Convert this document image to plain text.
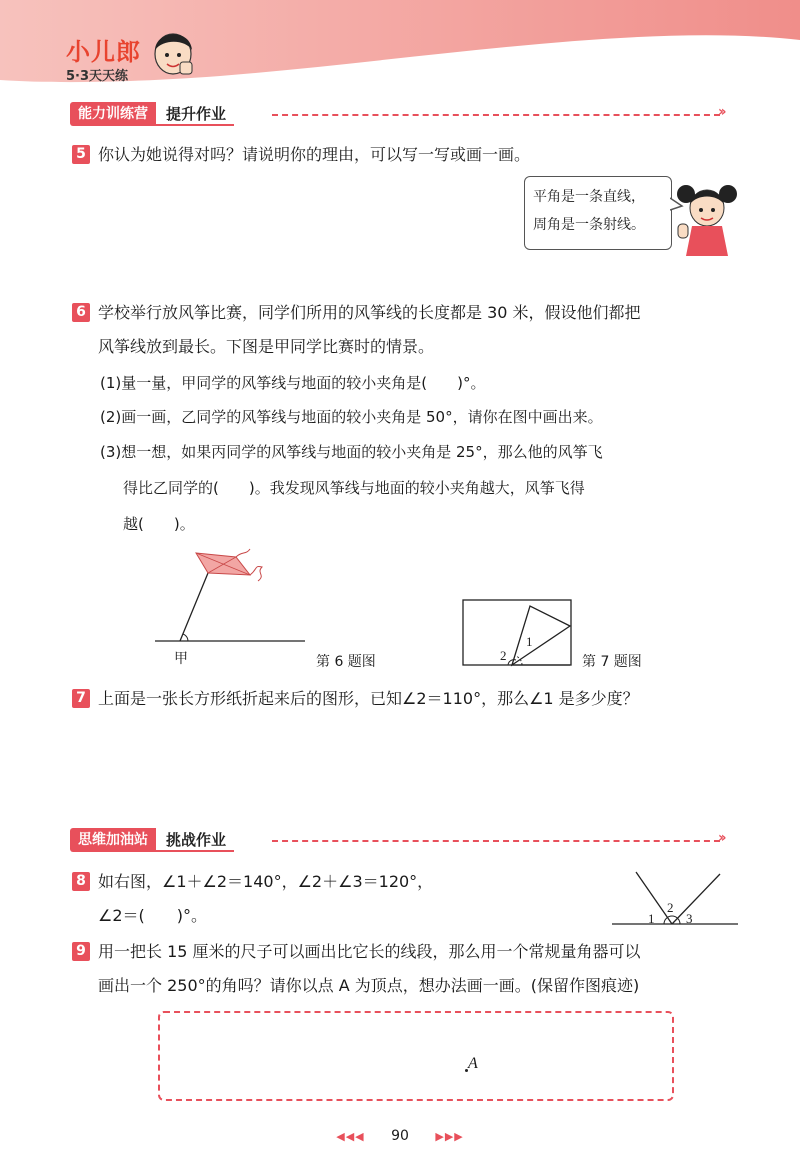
小儿郎
5·3天天练
能力训练营	提升作业	››
5 你认为她说得对吗？请说明你的理由，可以写一写或画一画。
平角是一条直线，
周角是一条射线。
6 学校举行放风筝比赛，同学们所用的风筝线的长度都是 30 米，假设他们都把
风筝线放到最长。下图是甲同学比赛时的情景。
(1)量一量，甲同学的风筝线与地面的较小夹角是(　　)°。
(2)画一画，乙同学的风筝线与地面的较小夹角是 50°，请你在图中画出来。
(3)想一想，如果丙同学的风筝线与地面的较小夹角是 25°，那么他的风筝飞
得比乙同学的(　　)。我发现风筝线与地面的较小夹角越大，风筝飞得
越(　　)。
甲	第 6 题图
1
2	第 7 题图
7 上面是一张长方形纸折起来后的图形，已知∠2＝110°，那么∠1 是多少度？
思维加油站	挑战作业	››
8 如右图，∠1＋∠2＝140°，∠2＋∠3＝120°，
∠2＝(　　)°。	1
2
3
9 用一把长 15 厘米的尺子可以画出比它长的线段，那么用一个常规量角器可以
画出一个 250°的角吗？请你以点 A 为顶点，想办法画一画。(保留作图痕迹)
A
◀◀◀ 90 ▶▶▶
